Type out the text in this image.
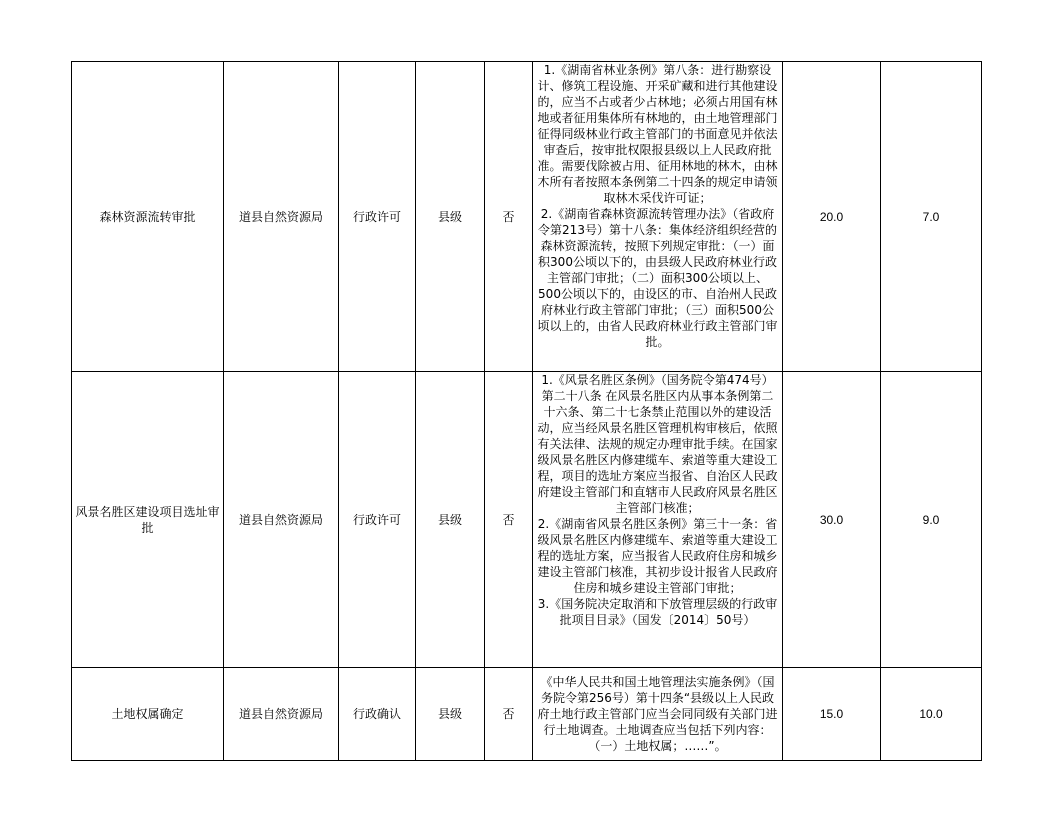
森林资源流转审批	道县自然资源局	行政许可	县级	否	1.《湖南省林业条例》第八条：进行勘察设计、修筑工程设施、开采矿藏和进行其他建设的，应当不占或者少占林地；必须占用国有林地或者征用集体所有林地的，由土地管理部门征得同级林业行政主管部门的书面意见并依法审查后，按审批权限报县级以上人民政府批准。需要伐除被占用、征用林地的林木，由林木所有者按照本条例第二十四条的规定申请领取林木采伐许可证；

2.《湖南省森林资源流转管理办法》（省政府令第213号）第十八条：集体经济组织经营的森林资源流转，按照下列规定审批：（一）面积300公顷以下的，由县级人民政府林业行政主管部门审批；（二）面积300公顷以上、500公顷以下的，由设区的市、自治州人民政府林业行政主管部门审批；（三）面积500公顷以上的，由省人民政府林业行政主管部门审批。	20.0	7.0
风景名胜区建设项目选址审批	道县自然资源局	行政许可	县级	否	1.《风景名胜区条例》（国务院令第474号）第二十八条 在风景名胜区内从事本条例第二十六条、第二十七条禁止范围以外的建设活动，应当经风景名胜区管理机构审核后，依照有关法律、法规的规定办理审批手续。在国家级风景名胜区内修建缆车、索道等重大建设工程，项目的选址方案应当报省、自治区人民政府建设主管部门和直辖市人民政府风景名胜区主管部门核准；

2.《湖南省风景名胜区条例》第三十一条：省级风景名胜区内修建缆车、索道等重大建设工程的选址方案，应当报省人民政府住房和城乡建设主管部门核准，其初步设计报省人民政府住房和城乡建设主管部门审批；

3.《国务院决定取消和下放管理层级的行政审批项目目录》（国发〔2014〕50号）	30.0	9.0
土地权属确定	道县自然资源局	行政确认	县级	否	《中华人民共和国土地管理法实施条例》（国务院令第256号）第十四条“县级以上人民政府土地行政主管部门应当会同同级有关部门进行土地调查。土地调查应当包括下列内容：（一）土地权属；……”。	15.0	10.0
